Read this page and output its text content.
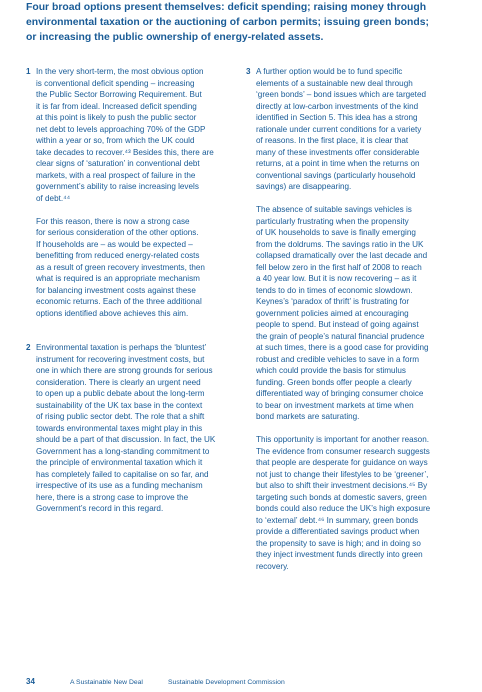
Four broad options present themselves: deficit spending; raising money through
environmental taxation or the auctioning of carbon permits; issuing green bonds;
or increasing the public ownership of energy-related assets.
1 In the very short-term, the most obvious option
is conventional deficit spending – increasing
the Public Sector Borrowing Requirement. But
it is far from ideal. Increased deficit spending
at this point is likely to push the public sector
net debt to levels approaching 70% of the GDP
within a year or so, from which the UK could
take decades to recover.⁴³ Besides this, there are
clear signs of ‘saturation’ in conventional debt
markets, with a real prospect of failure in the
government’s ability to raise increasing levels
of debt.⁴⁴

For this reason, there is now a strong case
for serious consideration of the other options.
If households are – as would be expected –
benefitting from reduced energy-related costs
as a result of green recovery investments, then
what is required is an appropriate mechanism
for balancing investment costs against these
economic returns. Each of the three additional
options identified above achieves this aim.

2 Environmental taxation is perhaps the ‘bluntest’
instrument for recovering investment costs, but
one in which there are strong grounds for serious
consideration. There is clearly an urgent need
to open up a public debate about the long-term
sustainability of the UK tax base in the context
of rising public sector debt. The role that a shift
towards environmental taxes might play in this
should be a part of that discussion. In fact, the UK
Government has a long-standing commitment to
the principle of environmental taxation which it
has completely failed to capitalise on so far, and
irrespective of its use as a funding mechanism
here, there is a strong case to improve the
Government’s record in this regard.

3 A further option would be to fund specific
elements of a sustainable new deal through
‘green bonds’ – bond issues which are targeted
directly at low-carbon investments of the kind
identified in Section 5. This idea has a strong
rationale under current conditions for a variety
of reasons. In the first place, it is clear that
many of these investments offer considerable
returns, at a point in time when the returns on
conventional savings (particularly household
savings) are disappearing.

The absence of suitable savings vehicles is
particularly frustrating when the propensity
of UK households to save is finally emerging
from the doldrums. The savings ratio in the UK
collapsed dramatically over the last decade and
fell below zero in the first half of 2008 to reach
a 40 year low. But it is now recovering – as it
tends to do in times of economic slowdown.
Keynes’s ‘paradox of thrift’ is frustrating for
government policies aimed at encouraging
people to spend. But instead of going against
the grain of people’s natural financial prudence
at such times, there is a good case for providing
robust and credible vehicles to save in a form
which could provide the basis for stimulus
funding. Green bonds offer people a clearly
differentiated way of bringing consumer choice
to bear on investment markets at time when
bond markets are saturating.

This opportunity is important for another reason.
The evidence from consumer research suggests
that people are desperate for guidance on ways
not just to change their lifestyles to be ‘greener’,
but also to shift their investment decisions.⁴⁵ By
targeting such bonds at domestic savers, green
bonds could also reduce the UK’s high exposure
to ‘external’ debt.⁴⁶ In summary, green bonds
provide a differentiated savings product when
the propensity to save is high; and in doing so
they inject investment funds directly into green
recovery.

34	A Sustainable New Deal	Sustainable Development Commission
